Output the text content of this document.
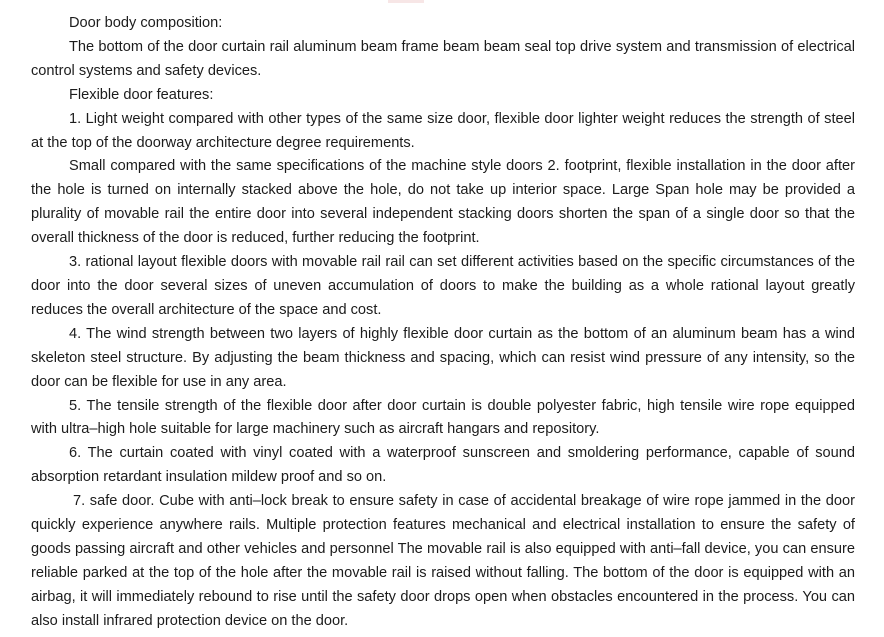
Door body composition:

The bottom of the door curtain rail aluminum beam frame beam beam seal top drive system and transmission of electrical control systems and safety devices.

Flexible door features:

1. Light weight compared with other types of the same size door, flexible door lighter weight reduces the strength of steel at the top of the doorway architecture degree requirements.

Small compared with the same specifications of the machine style doors 2. footprint, flexible installation in the door after the hole is turned on internally stacked above the hole, do not take up interior space. Large Span hole may be provided a plurality of movable rail the entire door into several independent stacking doors shorten the span of a single door so that the overall thickness of the door is reduced, further reducing the footprint.

3. rational layout flexible doors with movable rail rail can set different activities based on the specific circumstances of the door into the door several sizes of uneven accumulation of doors to make the building as a whole rational layout greatly reduces the overall architecture of the space and cost.

4. The wind strength between two layers of highly flexible door curtain as the bottom of an aluminum beam has a wind skeleton steel structure. By adjusting the beam thickness and spacing, which can resist wind pressure of any intensity, so the door can be flexible for use in any area.

5. The tensile strength of the flexible door after door curtain is double polyester fabric, high tensile wire rope equipped with ultra–high hole suitable for large machinery such as aircraft hangars and repository.

6. The curtain coated with vinyl coated with a waterproof sunscreen and smoldering performance, capable of sound absorption retardant insulation mildew proof and so on.

7. safe door. Cube with anti–lock break to ensure safety in case of accidental breakage of wire rope jammed in the door quickly experience anywhere rails. Multiple protection features mechanical and electrical installation to ensure the safety of goods passing aircraft and other vehicles and personnel The movable rail is also equipped with anti–fall device, you can ensure reliable parked at the top of the hole after the movable rail is raised without falling. The bottom of the door is equipped with an airbag, it will immediately rebound to rise until the safety door drops open when obstacles encountered in the process. You can also install infrared protection device on the door.
